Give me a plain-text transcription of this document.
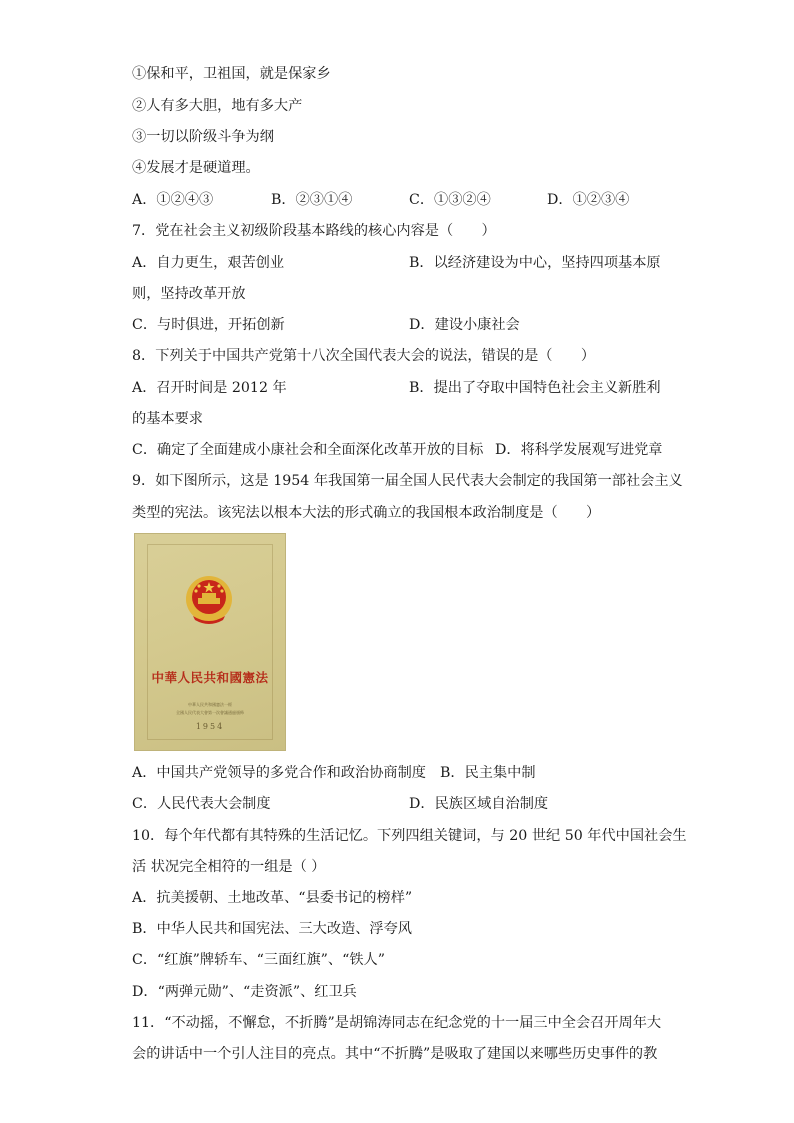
①保和平，卫祖国，就是保家乡
②人有多大胆，地有多大产
③一切以阶级斗争为纲
④发展才是硬道理。
A．①②④③	B．②③①④	C．①③②④	D．①②③④
7．党在社会主义初级阶段基本路线的核心内容是（　　）
A．自力更生，艰苦创业	B．以经济建设为中心，坚持四项基本原
则，坚持改革开放
C．与时俱进，开拓创新	D．建设小康社会
8．下列关于中国共产党第十八次全国代表大会的说法，错误的是（　　）
A．召开时间是 2012 年	B．提出了夺取中国特色社会主义新胜利
的基本要求
C．确定了全面建成小康社会和全面深化改革开放的目标 D．将科学发展观写进党章
9．如下图所示，这是 1954 年我国第一届全国人民代表大会制定的我国第一部社会主义
类型的宪法。该宪法以根本大法的形式确立的我国根本政治制度是（　　）
中華人民共和國憲法
中華人民共和國憲法一經
全國人民代表大會第一次會議通過頒佈
1954
A．中国共产党领导的多党合作和政治协商制度 B．民主集中制
C．人民代表大会制度	D．民族区域自治制度
10．每个年代都有其特殊的生活记忆。下列四组关键词，与 20 世纪 50 年代中国社会生
活 状况完全相符的一组是（ ）
A．抗美援朝、土地改革、“县委书记的榜样”
B．中华人民共和国宪法、三大改造、浮夸风
C．“红旗”牌轿车、“三面红旗”、“铁人”
D．“两弹元勋”、“走资派”、红卫兵
11．“不动摇，不懈怠，不折腾”是胡锦涛同志在纪念党的十一届三中全会召开周年大
会的讲话中一个引人注目的亮点。其中“不折腾”是吸取了建国以来哪些历史事件的教
